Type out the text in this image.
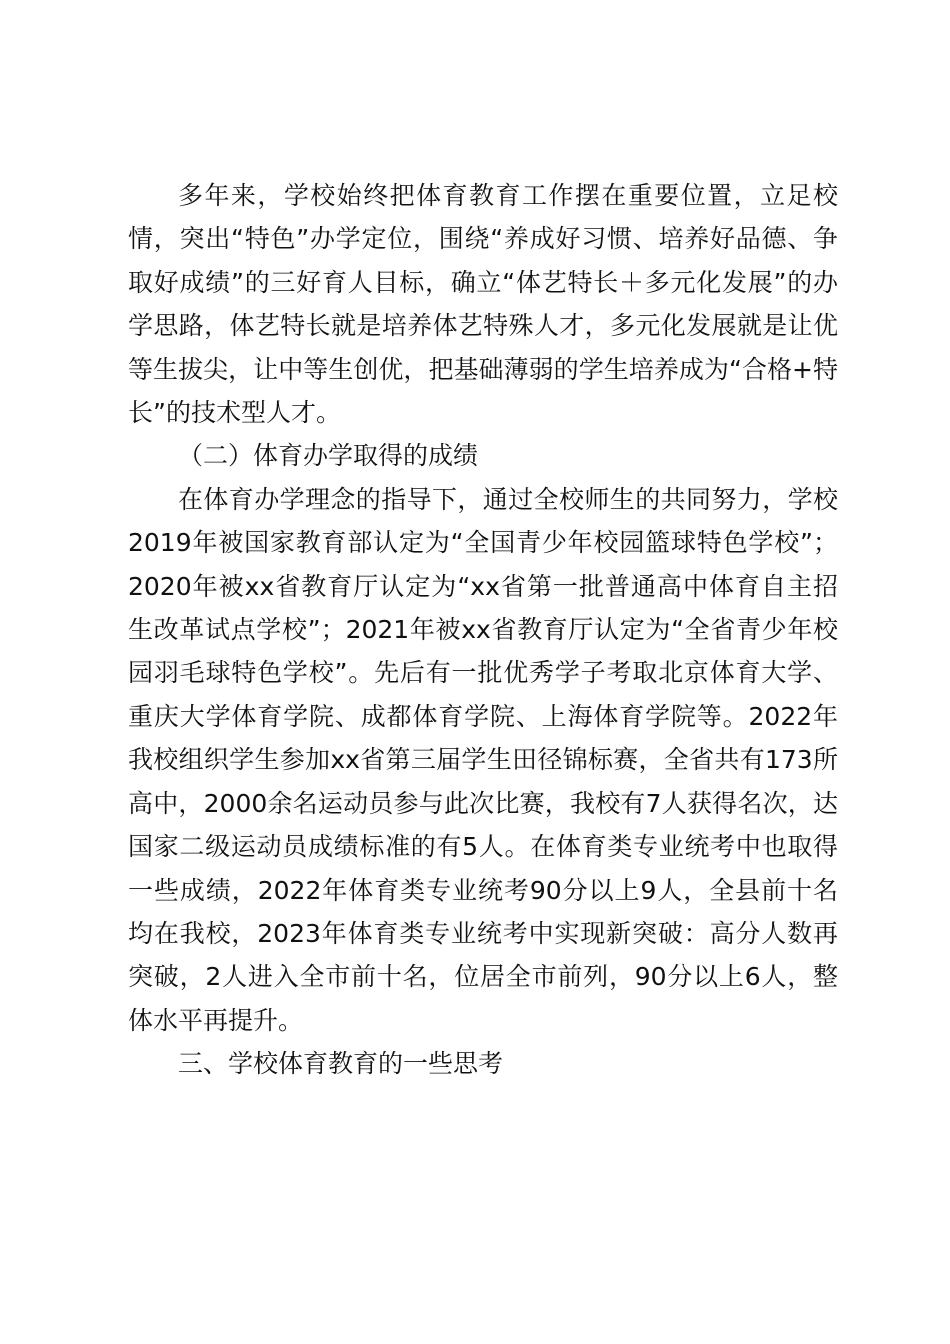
多年来，学校始终把体育教育工作摆在重要位置，立足校情，突出“特色”办学定位，围绕“养成好习惯、培养好品德、争取好成绩”的三好育人目标，确立“体艺特长＋多元化发展”的办学思路，体艺特长就是培养体艺特殊人才，多元化发展就是让优等生拔尖，让中等生创优，把基础薄弱的学生培养成为“合格+特长”的技术型人才。

（二）体育办学取得的成绩

在体育办学理念的指导下，通过全校师生的共同努力，学校2019年被国家教育部认定为“全国青少年校园篮球特色学校”；2020年被xx省教育厅认定为“xx省第一批普通高中体育自主招生改革试点学校”；2021年被xx省教育厅认定为“全省青少年校园羽毛球特色学校”。先后有一批优秀学子考取北京体育大学、重庆大学体育学院、成都体育学院、上海体育学院等。2022年我校组织学生参加xx省第三届学生田径锦标赛，全省共有173所高中，2000余名运动员参与此次比赛，我校有7人获得名次，达国家二级运动员成绩标准的有5人。在体育类专业统考中也取得一些成绩，2022年体育类专业统考90分以上9人，全县前十名均在我校，2023年体育类专业统考中实现新突破：高分人数再突破，2人进入全市前十名，位居全市前列，90分以上6人，整体水平再提升。

三、学校体育教育的一些思考
